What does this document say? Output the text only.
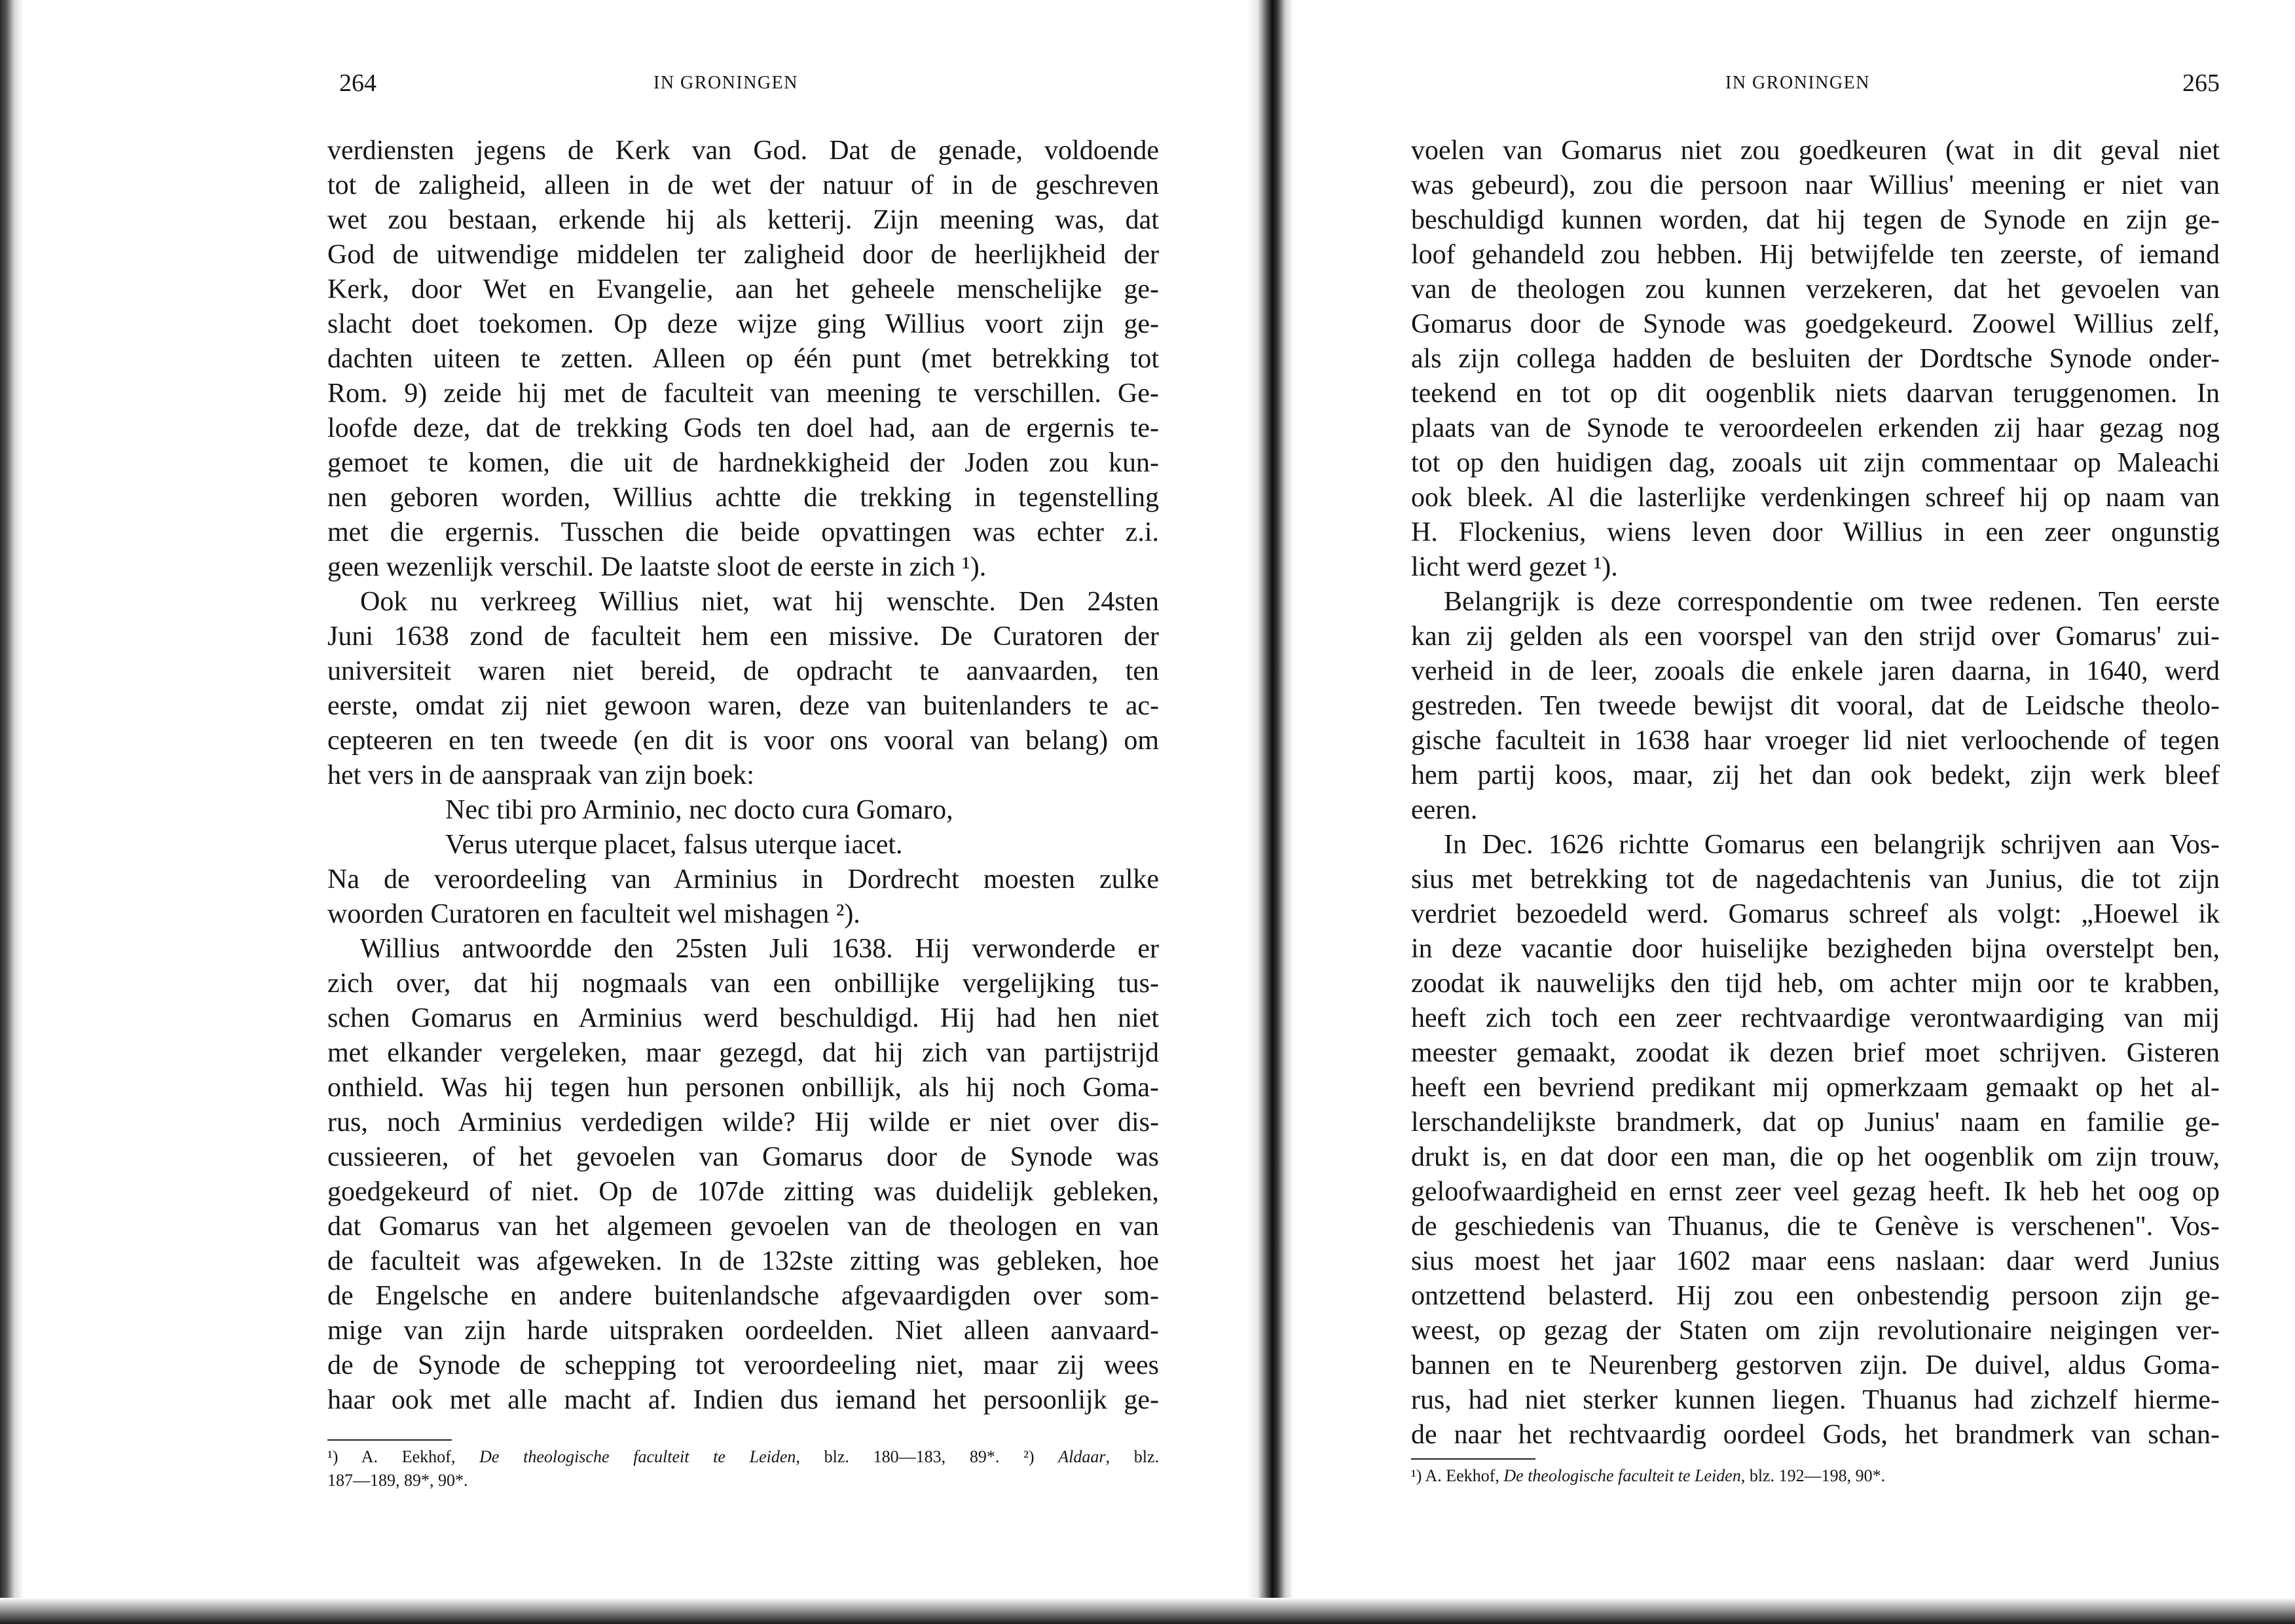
264	IN GRONINGEN
verdiensten jegens de Kerk van God. Dat de genade, voldoende
tot de zaligheid, alleen in de wet der natuur of in de geschreven
wet zou bestaan, erkende hij als ketterij. Zijn meening was, dat
God de uitwendige middelen ter zaligheid door de heerlijkheid der
Kerk, door Wet en Evangelie, aan het geheele menschelijke ge-
slacht doet toekomen. Op deze wijze ging Willius voort zijn ge-
dachten uiteen te zetten. Alleen op één punt (met betrekking tot
Rom. 9) zeide hij met de faculteit van meening te verschillen. Ge-
loofde deze, dat de trekking Gods ten doel had, aan de ergernis te-
gemoet te komen, die uit de hardnekkigheid der Joden zou kun-
nen geboren worden, Willius achtte die trekking in tegenstelling
met die ergernis. Tusschen die beide opvattingen was echter z.i.
geen wezenlijk verschil. De laatste sloot de eerste in zich ¹).
Ook nu verkreeg Willius niet, wat hij wenschte. Den 24sten
Juni 1638 zond de faculteit hem een missive. De Curatoren der
universiteit waren niet bereid, de opdracht te aanvaarden, ten
eerste, omdat zij niet gewoon waren, deze van buitenlanders te ac-
cepteeren en ten tweede (en dit is voor ons vooral van belang) om
het vers in de aanspraak van zijn boek:
Nec tibi pro Arminio, nec docto cura Gomaro,
Verus uterque placet, falsus uterque iacet.
Na de veroordeeling van Arminius in Dordrecht moesten zulke
woorden Curatoren en faculteit wel mishagen ²).
Willius antwoordde den 25sten Juli 1638. Hij verwonderde er
zich over, dat hij nogmaals van een onbillijke vergelijking tus-
schen Gomarus en Arminius werd beschuldigd. Hij had hen niet
met elkander vergeleken, maar gezegd, dat hij zich van partijstrijd
onthield. Was hij tegen hun personen onbillijk, als hij noch Goma-
rus, noch Arminius verdedigen wilde? Hij wilde er niet over dis-
cussieeren, of het gevoelen van Gomarus door de Synode was
goedgekeurd of niet. Op de 107de zitting was duidelijk gebleken,
dat Gomarus van het algemeen gevoelen van de theologen en van
de faculteit was afgeweken. In de 132ste zitting was gebleken, hoe
de Engelsche en andere buitenlandsche afgevaardigden over som-
mige van zijn harde uitspraken oordeelden. Niet alleen aanvaard-
de de Synode de schepping tot veroordeeling niet, maar zij wees
haar ook met alle macht af. Indien dus iemand het persoonlijk ge-
¹) A. Eekhof, De theologische faculteit te Leiden, blz. 180—183, 89*. ²) Aldaar, blz.
187—189, 89*, 90*.
IN GRONINGEN	265
voelen van Gomarus niet zou goedkeuren (wat in dit geval niet
was gebeurd), zou die persoon naar Willius' meening er niet van
beschuldigd kunnen worden, dat hij tegen de Synode en zijn ge-
loof gehandeld zou hebben. Hij betwijfelde ten zeerste, of iemand
van de theologen zou kunnen verzekeren, dat het gevoelen van
Gomarus door de Synode was goedgekeurd. Zoowel Willius zelf,
als zijn collega hadden de besluiten der Dordtsche Synode onder-
teekend en tot op dit oogenblik niets daarvan teruggenomen. In
plaats van de Synode te veroordeelen erkenden zij haar gezag nog
tot op den huidigen dag, zooals uit zijn commentaar op Maleachi
ook bleek. Al die lasterlijke verdenkingen schreef hij op naam van
H. Flockenius, wiens leven door Willius in een zeer ongunstig
licht werd gezet ¹).
Belangrijk is deze correspondentie om twee redenen. Ten eerste
kan zij gelden als een voorspel van den strijd over Gomarus' zui-
verheid in de leer, zooals die enkele jaren daarna, in 1640, werd
gestreden. Ten tweede bewijst dit vooral, dat de Leidsche theolo-
gische faculteit in 1638 haar vroeger lid niet verloochende of tegen
hem partij koos, maar, zij het dan ook bedekt, zijn werk bleef
eeren.
In Dec. 1626 richtte Gomarus een belangrijk schrijven aan Vos-
sius met betrekking tot de nagedachtenis van Junius, die tot zijn
verdriet bezoedeld werd. Gomarus schreef als volgt: „Hoewel ik
in deze vacantie door huiselijke bezigheden bijna overstelpt ben,
zoodat ik nauwelijks den tijd heb, om achter mijn oor te krabben,
heeft zich toch een zeer rechtvaardige verontwaardiging van mij
meester gemaakt, zoodat ik dezen brief moet schrijven. Gisteren
heeft een bevriend predikant mij opmerkzaam gemaakt op het al-
lerschandelijkste brandmerk, dat op Junius' naam en familie ge-
drukt is, en dat door een man, die op het oogenblik om zijn trouw,
geloofwaardigheid en ernst zeer veel gezag heeft. Ik heb het oog op
de geschiedenis van Thuanus, die te Genève is verschenen". Vos-
sius moest het jaar 1602 maar eens naslaan: daar werd Junius
ontzettend belasterd. Hij zou een onbestendig persoon zijn ge-
weest, op gezag der Staten om zijn revolutionaire neigingen ver-
bannen en te Neurenberg gestorven zijn. De duivel, aldus Goma-
rus, had niet sterker kunnen liegen. Thuanus had zichzelf hierme-
de naar het rechtvaardig oordeel Gods, het brandmerk van schan-
¹) A. Eekhof, De theologische faculteit te Leiden, blz. 192—198, 90*.
